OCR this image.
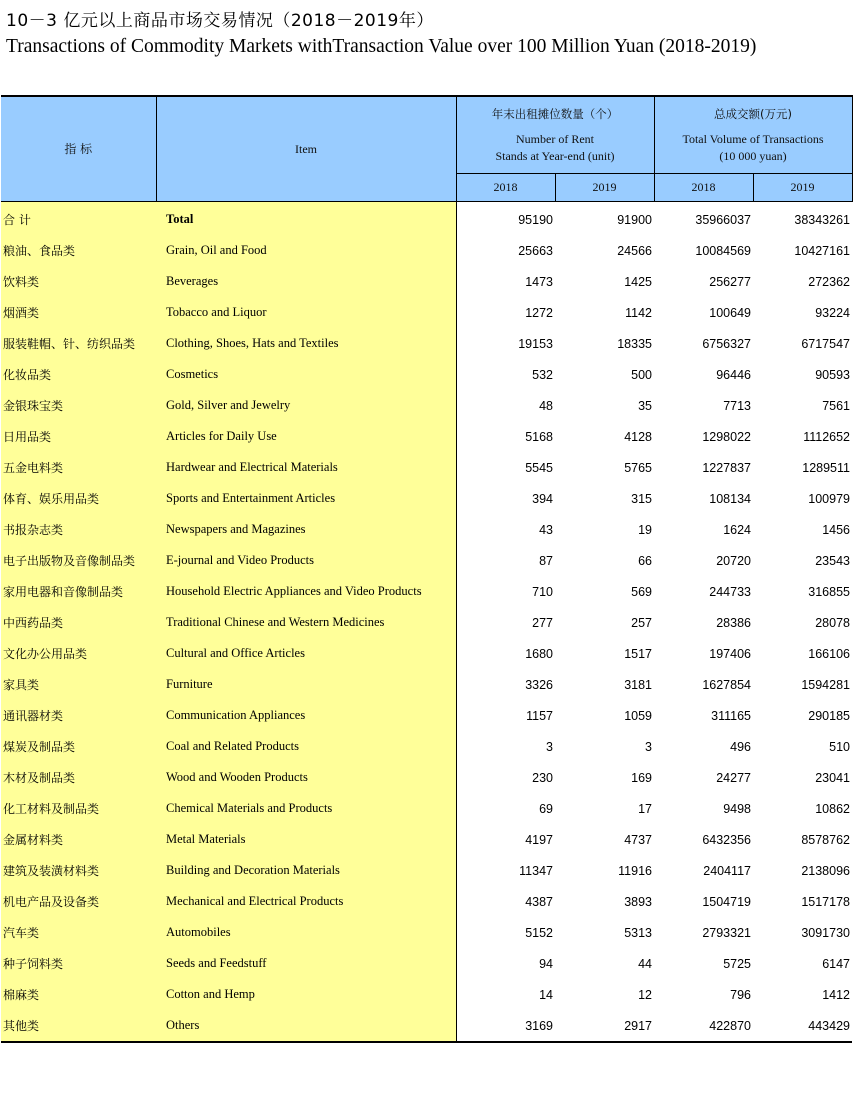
10－3 亿元以上商品市场交易情况（2018－2019年）
Transactions of Commodity Markets withTransaction Value over 100 Million Yuan (2018-2019)
指 标	Item	年末出租摊位数量（个）
Number of Rent
Stands at Year-end (unit)		总成交额(万元)
Total Volume of Transactions
(10 000 yuan)	

		2018	2019	2018	2019
合 计	Total	95190	91900	35966037	38343261
粮油、食品类	Grain, Oil and Food	25663	24566	10084569	10427161
饮料类	Beverages	1473	1425	256277	272362
烟酒类	Tobacco and Liquor	1272	1142	100649	93224
服装鞋帽、针、纺织品类	Clothing, Shoes, Hats and Textiles	19153	18335	6756327	6717547
化妆品类	Cosmetics	532	500	96446	90593
金银珠宝类	Gold, Silver and Jewelry	48	35	7713	7561
日用品类	Articles for Daily Use	5168	4128	1298022	1112652
五金电料类	Hardwear and Electrical Materials	5545	5765	1227837	1289511
体育、娱乐用品类	Sports and Entertainment Articles	394	315	108134	100979
书报杂志类	Newspapers and Magazines	43	19	1624	1456
电子出版物及音像制品类	E-journal and Video Products	87	66	20720	23543
家用电器和音像制品类	Household Electric Appliances and Video Products	710	569	244733	316855
中西药品类	Traditional Chinese and Western Medicines	277	257	28386	28078
文化办公用品类	Cultural and Office Articles	1680	1517	197406	166106
家具类	Furniture	3326	3181	1627854	1594281
通讯器材类	Communication Appliances	1157	1059	311165	290185
煤炭及制品类	Coal and Related Products	3	3	496	510
木材及制品类	Wood and Wooden Products	230	169	24277	23041
化工材料及制品类	Chemical Materials and Products	69	17	9498	10862
金属材料类	Metal Materials	4197	4737	6432356	8578762
建筑及装潢材料类	Building and Decoration Materials	11347	11916	2404117	2138096
机电产品及设备类	Mechanical and Electrical Products	4387	3893	1504719	1517178
汽车类	Automobiles	5152	5313	2793321	3091730
种子饲料类	Seeds and Feedstuff	94	44	5725	6147
棉麻类	Cotton and Hemp	14	12	796	1412
其他类	Others	3169	2917	422870	443429
